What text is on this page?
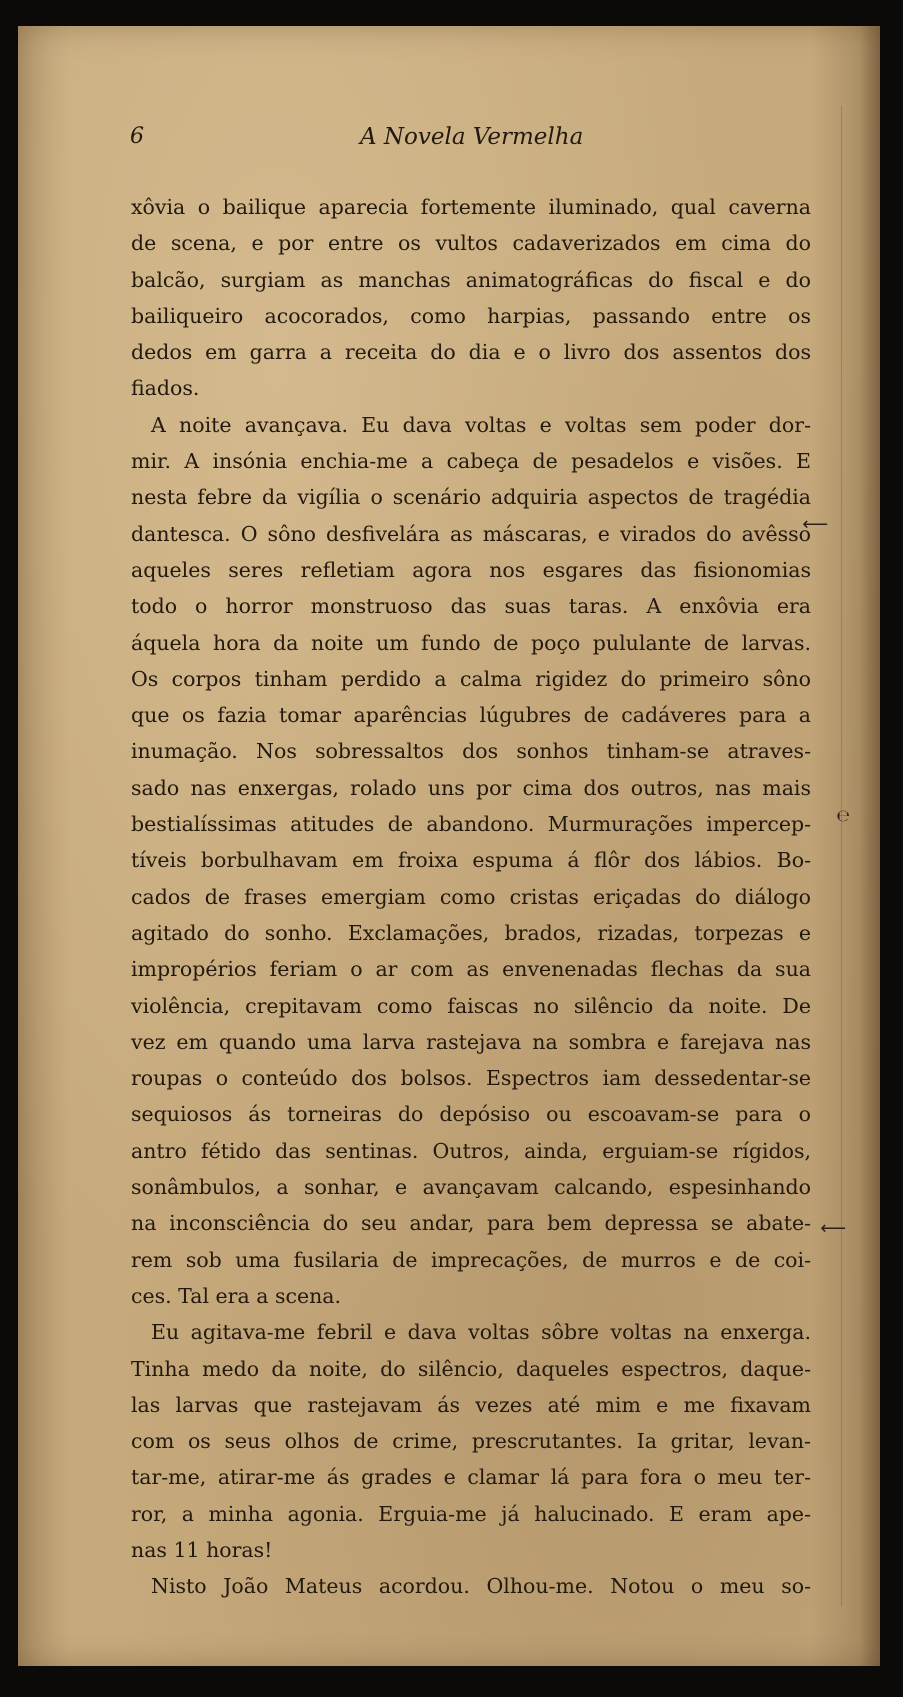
6	A Novela Vermelha
xôvia o bailique aparecia fortemente iluminado, qual caverna
de scena, e por entre os vultos cadaverizados em cima do
balcão, surgiam as manchas animatográficas do fiscal e do
bailiqueiro acocorados, como harpias, passando entre os
dedos em garra a receita do dia e o livro dos assentos dos
fiados.
A noite avançava. Eu dava voltas e voltas sem poder dor-
mir. A insónia enchia-me a cabeça de pesadelos e visões. E
nesta febre da vigília o scenário adquiria aspectos de tragédia
dantesca. O sôno desfivelára as máscaras, e virados do avêsso
aqueles seres refletiam agora nos esgares das fisionomias
todo o horror monstruoso das suas taras. A enxôvia era
áquela hora da noite um fundo de poço pululante de larvas.
Os corpos tinham perdido a calma rigidez do primeiro sôno
que os fazia tomar aparências lúgubres de cadáveres para a
inumação. Nos sobressaltos dos sonhos tinham-se atraves-
sado nas enxergas, rolado uns por cima dos outros, nas mais
bestialíssimas atitudes de abandono. Murmurações impercep-
tíveis borbulhavam em froixa espuma á flôr dos lábios. Bo-
cados de frases emergiam como cristas eriçadas do diálogo
agitado do sonho. Exclamações, brados, rizadas, torpezas e
impropérios feriam o ar com as envenenadas flechas da sua
violência, crepitavam como faiscas no silêncio da noite. De
vez em quando uma larva rastejava na sombra e farejava nas
roupas o conteúdo dos bolsos. Espectros iam dessedentar-se
sequiosos ás torneiras do depósiso ou escoavam-se para o
antro fétido das sentinas. Outros, ainda, erguiam-se rígidos,
sonâmbulos, a sonhar, e avançavam calcando, espesinhando
na inconsciência do seu andar, para bem depressa se abate-
rem sob uma fusilaria de imprecações, de murros e de coi-
ces. Tal era a scena.
Eu agitava-me febril e dava voltas sôbre voltas na enxerga.
Tinha medo da noite, do silêncio, daqueles espectros, daque-
las larvas que rastejavam ás vezes até mim e me fixavam
com os seus olhos de crime, prescrutantes. Ia gritar, levan-
tar-me, atirar-me ás grades e clamar lá para fora o meu ter-
ror, a minha agonia. Erguia-me já halucinado. E eram ape-
nas 11 horas!
Nisto João Mateus acordou. Olhou-me. Notou o meu so-
⟵
⟵
℮
